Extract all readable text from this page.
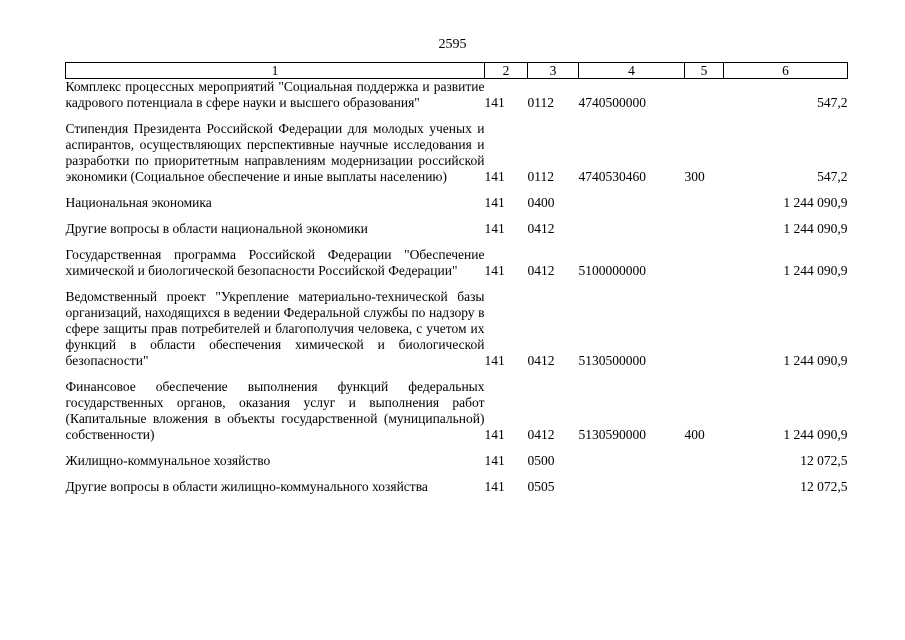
2595
1	2	3	4	5	6
Комплекс процессных мероприятий "Социальная поддержка и развитие кадрового потенциала в сфере науки и высшего образования"	141	0112	4740500000		547,2

Стипендия Президента Российской Федерации для молодых ученых и аспирантов, осуществляющих перспективные научные исследования и разработки по приоритетным направлениям модернизации российской экономики (Социальное обеспечение и иные выплаты населению)	141	0112	4740530460	300	547,2

Национальная экономика	141	0400			1 244 090,9

Другие вопросы в области национальной экономики	141	0412			1 244 090,9

Государственная программа Российской Федерации "Обеспечение химической и биологической безопасности Российской Федерации"	141	0412	5100000000		1 244 090,9

Ведомственный проект "Укрепление материально-технической базы организаций, находящихся в ведении Федеральной службы по надзору в сфере защиты прав потребителей и благополучия человека, с учетом их функций в области обеспечения химической и биологической безопасности"	141	0412	5130500000		1 244 090,9

Финансовое обеспечение выполнения функций федеральных государственных органов, оказания услуг и выполнения работ (Капитальные вложения в объекты государственной (муниципальной) собственности)	141	0412	5130590000	400	1 244 090,9

Жилищно-коммунальное хозяйство	141	0500			12 072,5

Другие вопросы в области жилищно-коммунального хозяйства	141	0505			12 072,5
